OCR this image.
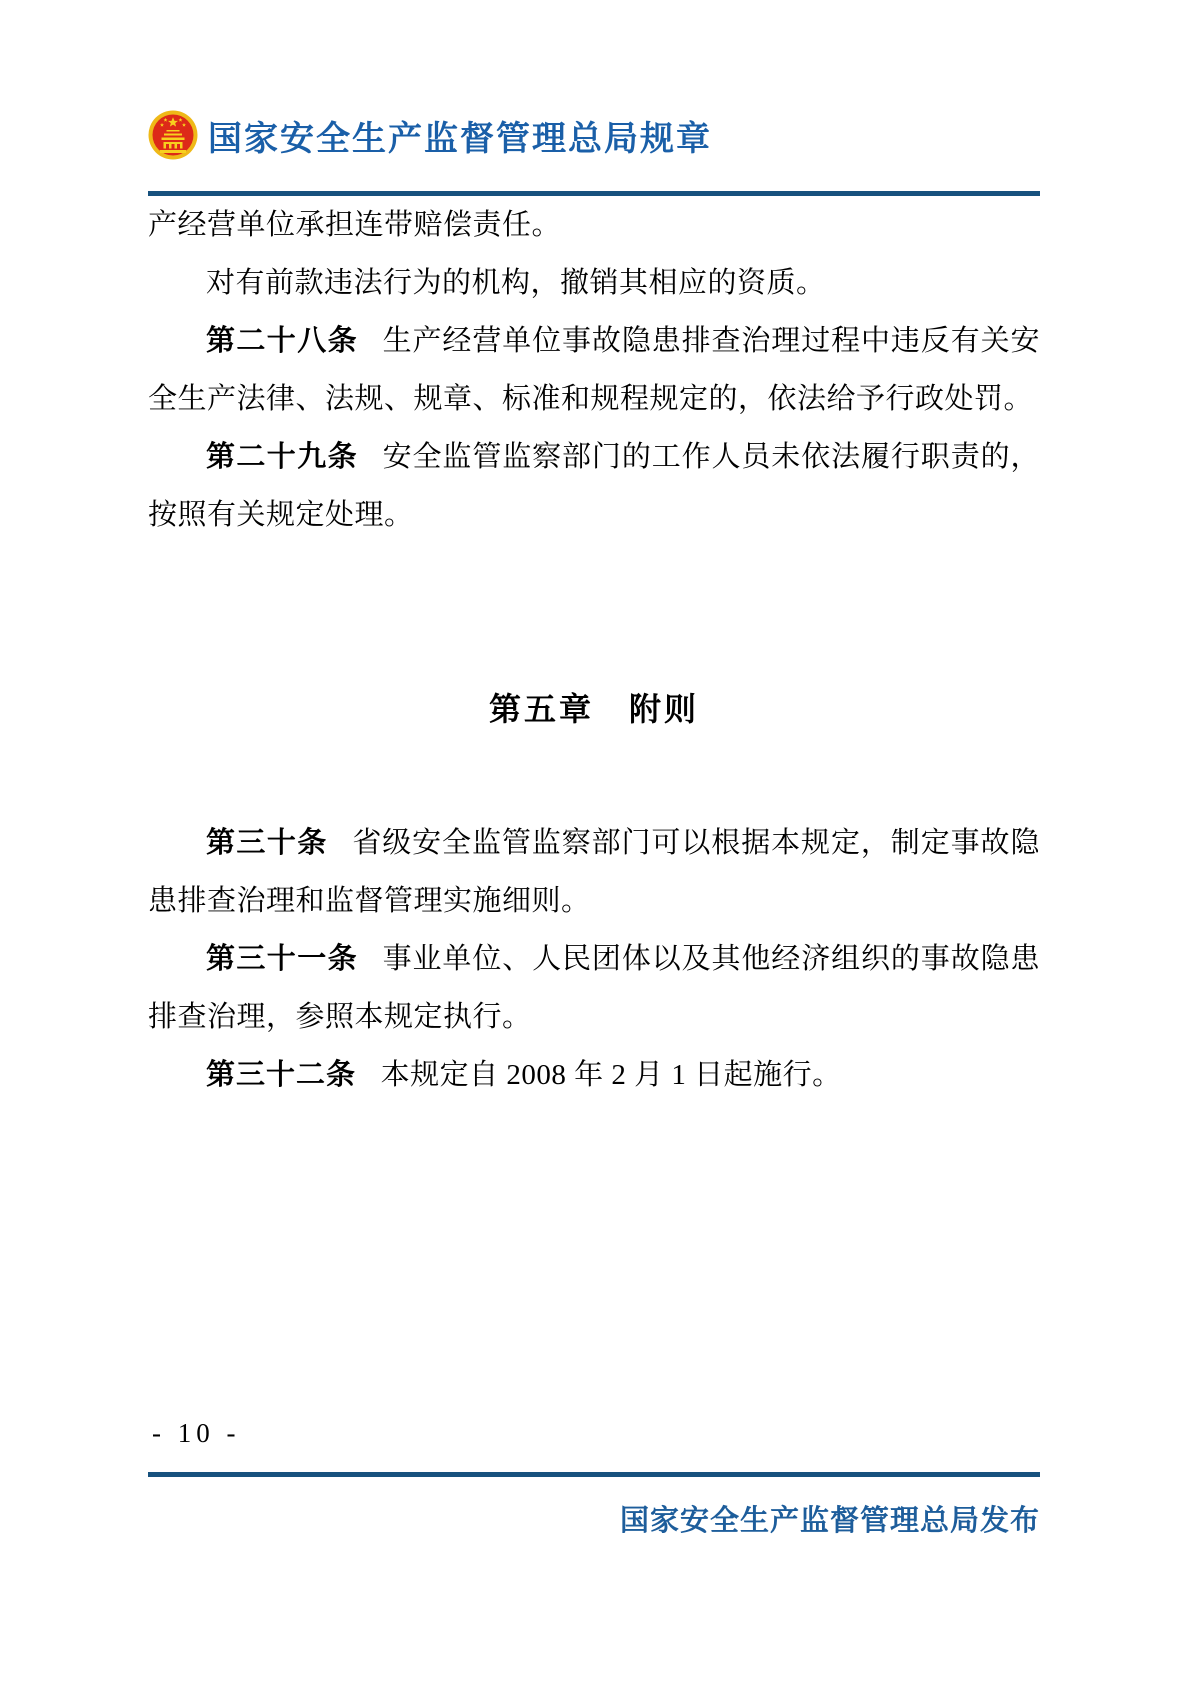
国家安全生产监督管理总局规章

产经营单位承担连带赔偿责任。

对有前款违法行为的机构，撤销其相应的资质。

第二十八条 生产经营单位事故隐患排查治理过程中违反有关安全生产法律、法规、规章、标准和规程规定的，依法给予行政处罚。

第二十九条 安全监管监察部门的工作人员未依法履行职责的，按照有关规定处理。

第五章　附则

第三十条 省级安全监管监察部门可以根据本规定，制定事故隐患排查治理和监督管理实施细则。

第三十一条 事业单位、人民团体以及其他经济组织的事故隐患排查治理，参照本规定执行。

第三十二条 本规定自 2008 年 2 月 1 日起施行。

- 10 -
国家安全生产监督管理总局发布
